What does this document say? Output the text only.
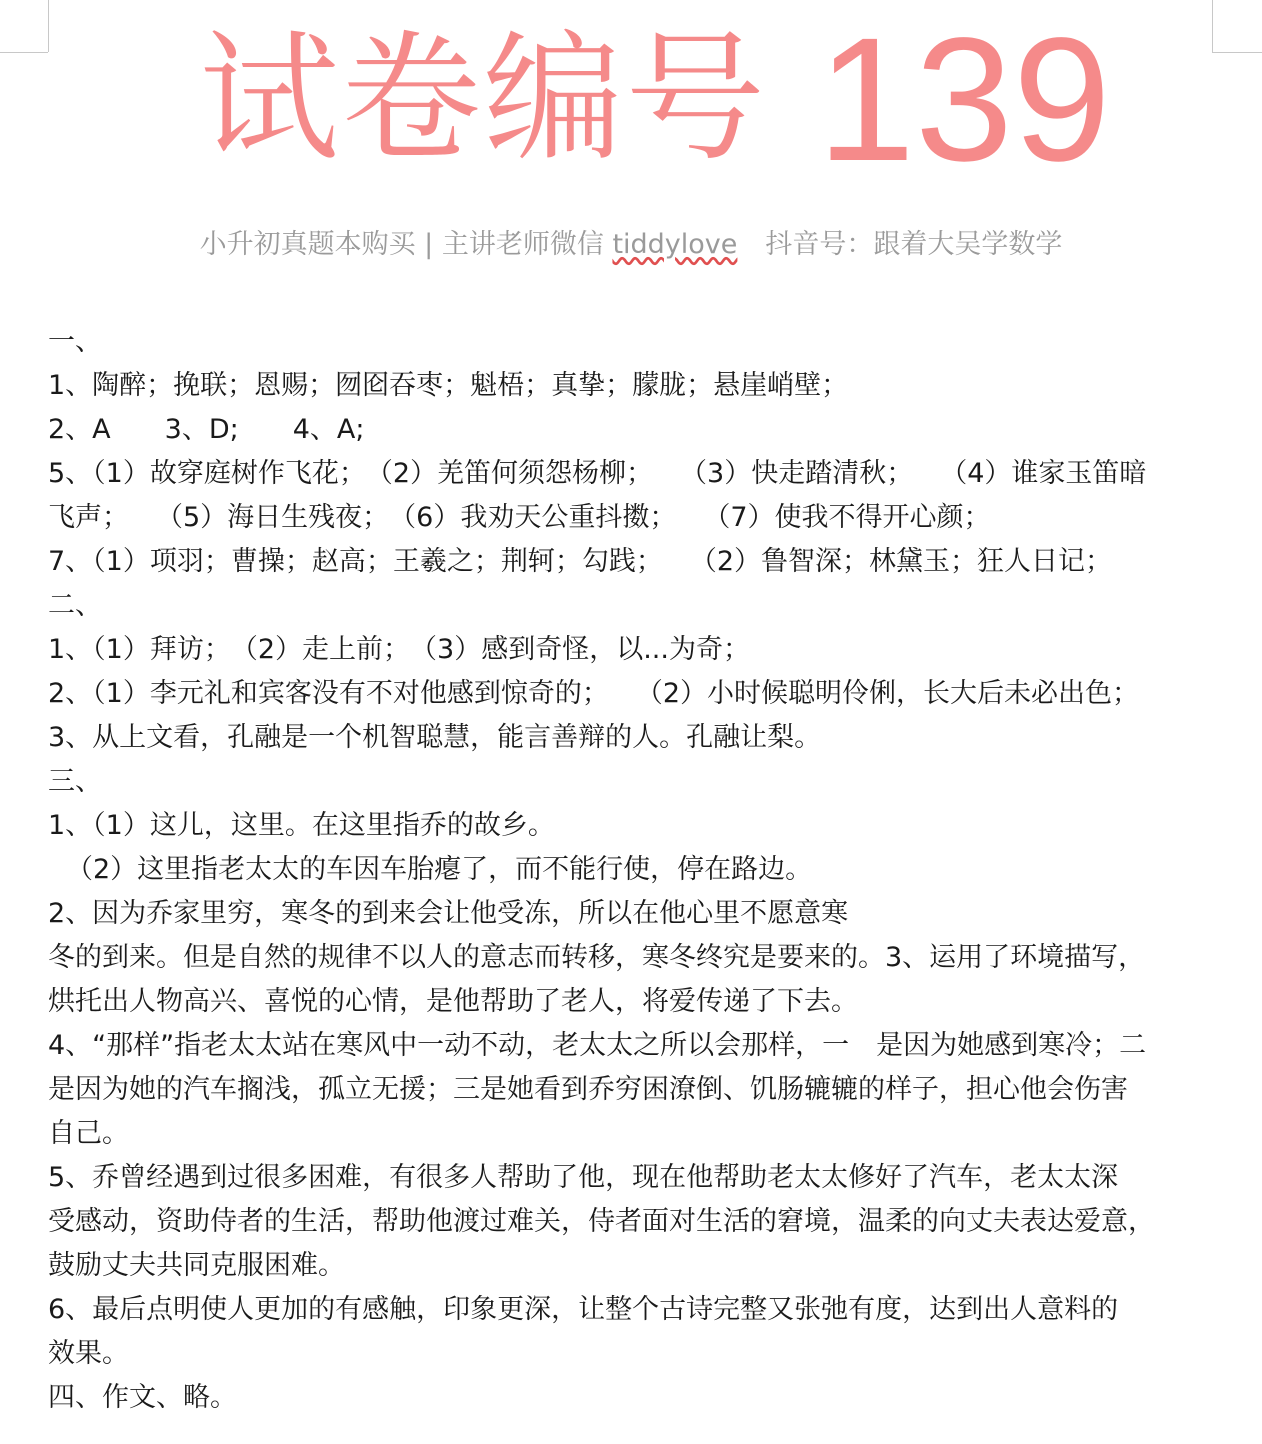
试卷编号 139
小升初真题本购买 | 主讲老师微信 tiddylove 抖音号：跟着大吴学数学
一、
1、陶醉；挽联；恩赐；囫囵吞枣；魁梧；真挚；朦胧；悬崖峭壁；
2、A　　3、D;　　4、A;
5、（1）故穿庭树作飞花；　（2）羌笛何须怨杨柳；　　（3）快走踏清秋；　　（4）谁家玉笛暗
飞声；　　（5）海日生残夜；　（6）我劝天公重抖擞；　　（7）使我不得开心颜；
7、（1）项羽；曹操；赵高；王羲之；荆轲；勾践；　　（2）鲁智深；林黛玉；狂人日记；
二、
1、（1）拜访；　（2）走上前；　（3）感到奇怪，以...为奇；
2、（1）李元礼和宾客没有不对他感到惊奇的；　　（2）小时候聪明伶俐，长大后未必出色；
3、从上文看，孔融是一个机智聪慧，能言善辩的人。孔融让梨。
三、
1、（1）这儿，这里。在这里指乔的故乡。
（2）这里指老太太的车因车胎瘪了，而不能行使，停在路边。
2、因为乔家里穷，寒冬的到来会让他受冻，所以在他心里不愿意寒
冬的到来。但是自然的规律不以人的意志而转移，寒冬终究是要来的。3、运用了环境描写，
烘托出人物高兴、喜悦的心情，是他帮助了老人，将爱传递了下去。
4、“那样”指老太太站在寒风中一动不动，老太太之所以会那样，一　是因为她感到寒冷；二
是因为她的汽车搁浅，孤立无援；三是她看到乔穷困潦倒、饥肠辘辘的样子，担心他会伤害
自己。
5、乔曾经遇到过很多困难，有很多人帮助了他，现在他帮助老太太修好了汽车，老太太深
受感动，资助侍者的生活，帮助他渡过难关，侍者面对生活的窘境，温柔的向丈夫表达爱意，
鼓励丈夫共同克服困难。
6、最后点明使人更加的有感触，印象更深，让整个古诗完整又张弛有度，达到出人意料的
效果。
四、作文、略。
